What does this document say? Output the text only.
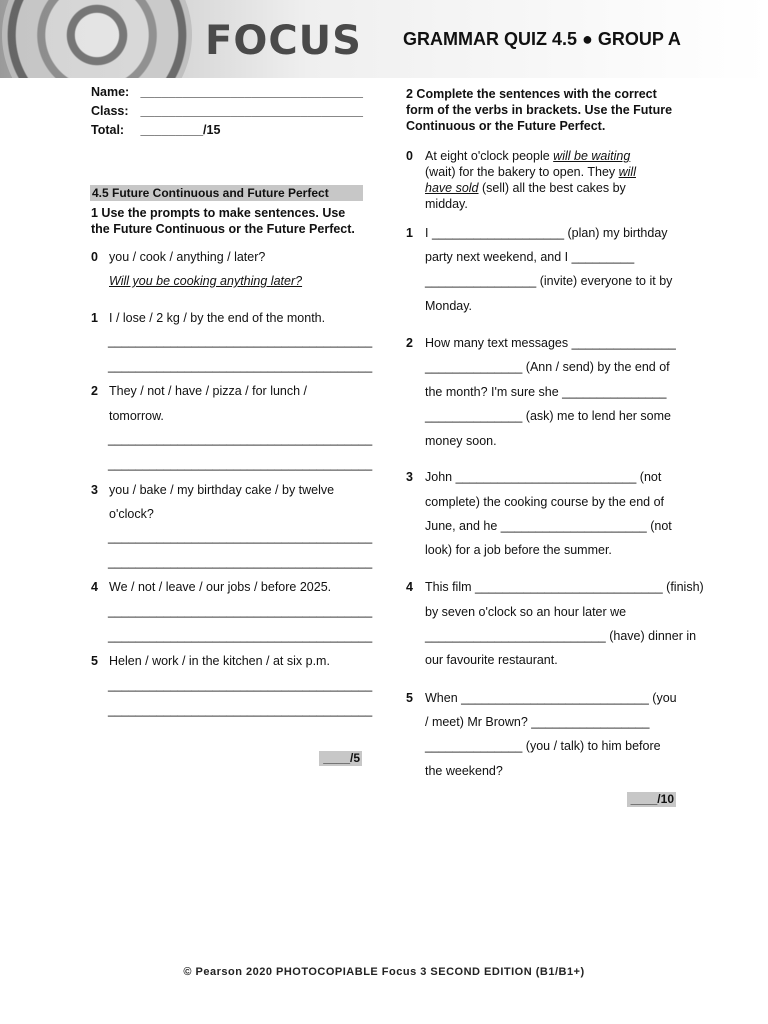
FOCUS GRAMMAR QUIZ 4.5 ● GROUP A
Name: ________________________________
Class: ________________________________
Total: _________/15
4.5 Future Continuous and Future Perfect
1 Use the prompts to make sentences. Use
the Future Continuous or the Future Perfect.
0 you / cook / anything / later?
Will you be cooking anything later?
1 I / lose / 2 kg / by the end of the month.
______________________________________
______________________________________
2 They / not / have / pizza / for lunch /
tomorrow.
______________________________________
______________________________________
3 you / bake / my birthday cake / by twelve
o'clock?
______________________________________
______________________________________
4 We / not / leave / our jobs / before 2025.
______________________________________
______________________________________
5 Helen / work / in the kitchen / at six p.m.
______________________________________
______________________________________
____/5
2 Complete the sentences with the correct
form of the verbs in brackets. Use the Future
Continuous or the Future Perfect.
0 At eight o'clock people will be waiting
(wait) for the bakery to open. They will
have sold (sell) all the best cakes by
midday.
1 I ___________________ (plan) my birthday
party next weekend, and I _________
________________ (invite) everyone to it by
Monday.
2 How many text messages _______________
______________ (Ann / send) by the end of
the month? I'm sure she _______________
______________ (ask) me to lend her some
money soon.
3 John __________________________ (not
complete) the cooking course by the end of
June, and he _____________________ (not
look) for a job before the summer.
4 This film ___________________________ (finish)
by seven o'clock so an hour later we
__________________________ (have) dinner in
our favourite restaurant.
5 When ___________________________ (you
/ meet) Mr Brown? _________________
______________ (you / talk) to him before
the weekend?
____/10
© Pearson 2020 PHOTOCOPIABLE Focus 3 SECOND EDITION (B1/B1+)
